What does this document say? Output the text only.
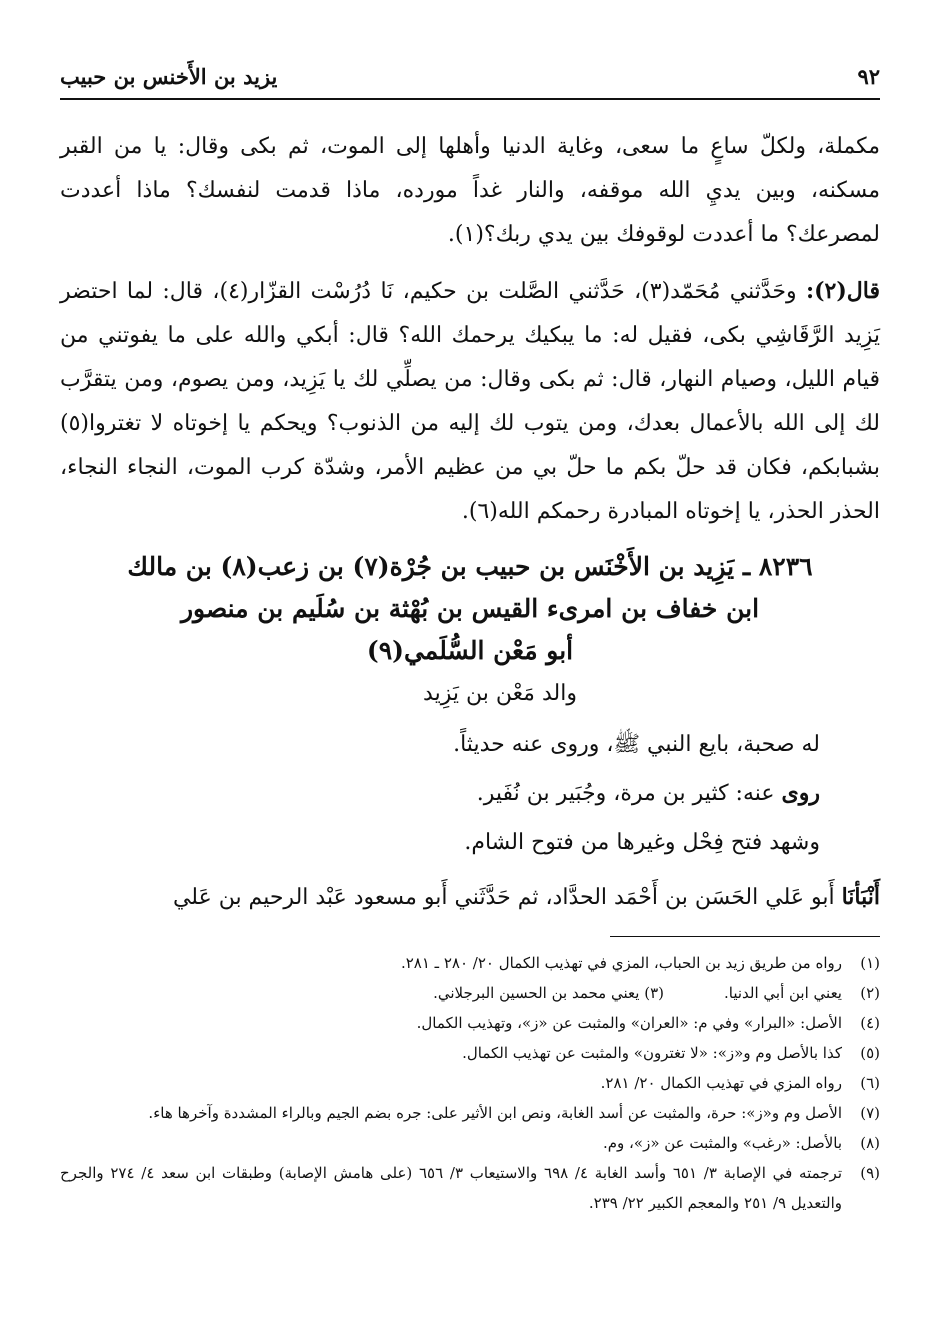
٩٢
يزيد بن الأَخنس بن حبيب

مكملة، ولكلّ ساعٍ ما سعى، وغاية الدنيا وأهلها إلى الموت، ثم بكى وقال: يا من القبر مسكنه، وبين يديِ الله موقفه، والنار غداً مورده، ماذا قدمت لنفسك؟ ماذا أعددت لمصرعك؟ ما أعددت لوقوفك بين يدي ربك؟(١).

قال(٢): وحَدَّثني مُحَمّد(٣)، حَدَّثني الصَّلت بن حكيم، نَا دُرُسْت القزّار(٤)، قال: لما احتضر يَزِيد الرَّقَاشِي بكى، فقيل له: ما يبكيك يرحمك الله؟ قال: أبكي والله على ما يفوتني من قيام الليل، وصيام النهار، قال: ثم بكى وقال: من يصلِّي لك يا يَزِيد، ومن يصوم، ومن يتقرَّب لك إلى الله بالأعمال بعدك، ومن يتوب لك إليه من الذنوب؟ ويحكم يا إخوتاه لا تغتروا(٥) بشبابكم، فكان قد حلّ بكم ما حلّ بي من عظيم الأمر، وشدّة كرب الموت، النجاء النجاء، الحذر الحذر، يا إخوتاه المبادرة رحمكم الله(٦).

٨٢٣٦ ـ يَزِيد بن الأَخْنَس بن حبيب بن جُرْة(٧) بن زعب(٨) بن مالك
ابن خفاف بن امرىء القيس بن بُهْثة بن سُلَيم بن منصور
أبو مَعْن السُّلَمي(٩)
والد مَعْن بن يَزِيد
له صحبة، بايع النبي ﷺ، وروى عنه حديثاً.
روى عنه: كثير بن مرة، وجُبَير بن نُفَير.
وشهد فتح فِحْل وغيرها من فتوح الشام.
أَنْبَأنَا أَبو عَلي الحَسَن بن أَحْمَد الحدَّاد، ثم حَدَّثَني أَبو مسعود عَبْد الرحيم بن عَلي
(١)
رواه من طريق زيد بن الحباب، المزي في تهذيب الكمال ٢٠/ ٢٨٠ ـ ٢٨١.
(٢)
يعني ابن أبي الدنيا.(٣) يعني محمد بن الحسين البرجلاني.
(٤)
الأصل: «البرار» وفي م: «العران» والمثبت عن «ز»، وتهذيب الكمال.
(٥)
كذا بالأصل وم و«ز»: «لا تغترون» والمثبت عن تهذيب الكمال.
(٦)
رواه المزي في تهذيب الكمال ٢٠/ ٢٨١.
(٧)
الأصل وم و«ز»: حرة، والمثبت عن أسد الغابة، ونص ابن الأثير على: جره بضم الجيم وبالراء المشددة وآخرها هاء.
(٨)
بالأصل: «رغب» والمثبت عن «ز»، وم.
(٩)
ترجمته في الإصابة ٣/ ٦٥١ وأسد الغابة ٤/ ٦٩٨ والاستيعاب ٣/ ٦٥٦ (على هامش الإصابة) وطبقات ابن سعد ٤/ ٢٧٤ والجرح والتعديل ٩/ ٢٥١ والمعجم الكبير ٢٢/ ٢٣٩.
